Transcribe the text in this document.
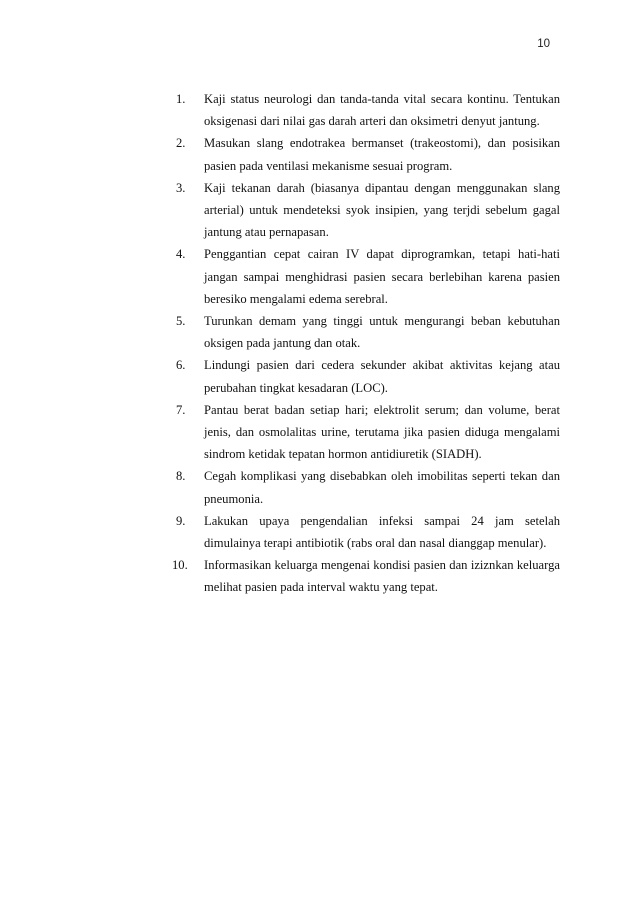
10
1.	Kaji status neurologi dan tanda-tanda vital secara kontinu. Tentukan oksigenasi dari nilai gas darah arteri dan oksimetri denyut jantung.
2.	Masukan slang endotrakea bermanset (trakeostomi), dan posisikan pasien pada ventilasi mekanisme sesuai program.
3.	Kaji tekanan darah (biasanya dipantau dengan menggunakan slang arterial) untuk mendeteksi syok insipien, yang terjdi sebelum gagal jantung atau pernapasan.
4.	Penggantian cepat cairan IV dapat diprogramkan, tetapi hati-hati jangan sampai menghidrasi pasien secara berlebihan karena pasien beresiko mengalami edema serebral.
5.	Turunkan demam yang tinggi untuk mengurangi beban kebutuhan oksigen pada jantung dan otak.
6.	Lindungi pasien dari cedera sekunder akibat aktivitas kejang atau perubahan tingkat kesadaran (LOC).
7.	Pantau berat badan setiap hari; elektrolit serum; dan volume, berat jenis, dan osmolalitas urine, terutama jika pasien diduga mengalami sindrom ketidak tepatan hormon antidiuretik (SIADH).
8.	Cegah komplikasi yang disebabkan oleh imobilitas seperti tekan dan pneumonia.
9.	Lakukan upaya pengendalian infeksi sampai 24 jam setelah dimulainya terapi antibiotik (rabs oral dan nasal dianggap menular).
10.	Informasikan keluarga mengenai kondisi pasien dan iziznkan keluarga melihat pasien pada interval waktu yang tepat.
